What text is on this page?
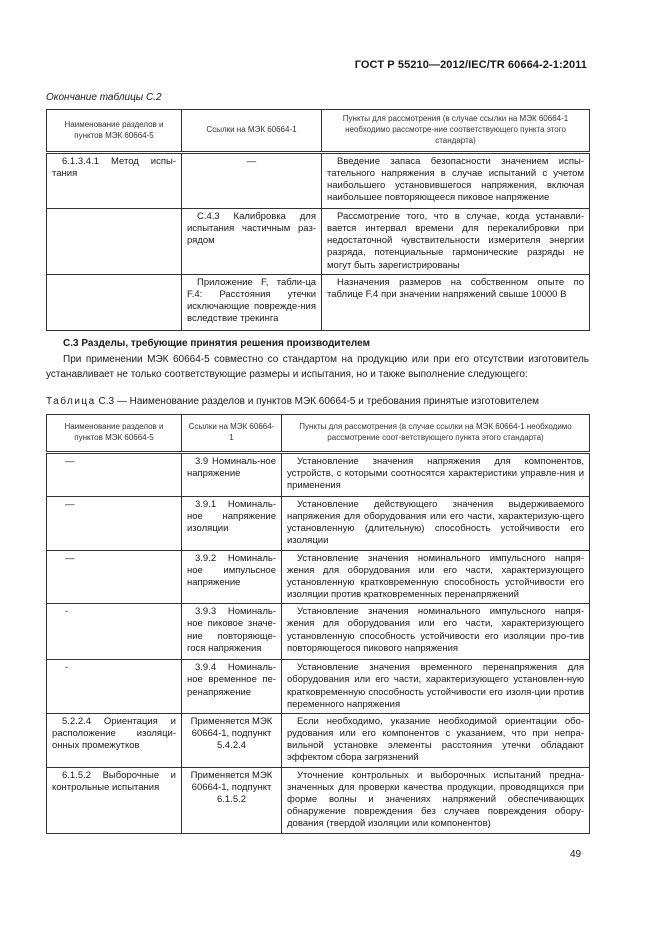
ГОСТ Р 55210—2012/IEC/TR 60664-2-1:2011
Окончание таблицы С.2
Наименование разделов и пунктов МЭК 60664-5	Ссылки на МЭК 60664-1	Пункты для рассмотрения (в случае ссылки на МЭК 60664-1 необходимо рассмотре-ние соответствующего пункта этого стандарта)
6.1.3.4.1 Метод испы-тания	—	Введение запаса безопасности значением испы-тательного напряжения в случае испытаний с учетом наибольшего установившегося напряжения, включая наибольшее повторяющееся пиковое напряжение
	С.4.3 Калибровка для испытания частичным раз-рядом	Рассмотрение того, что в случае, когда устанавли-вается интервал времени для перекалибровки при недостаточной чувствительности измерителя энергии разряда, потенциальные гармонические разряды не могут быть зарегистрированы
	Приложение F, табли-ца F.4: Расстояния утечки исключающие поврежде-ния вследствие трекинга	Назначения размеров на собственном опыте по таблице F.4 при значении напряжений свыше 10000 В
С.3 Разделы, требующие принятия решения производителем
При применении МЭК 60664-5 совместно со стандартом на продукцию или при его отсутствии изготовитель устанавливает не только соответствующие размеры и испытания, но и также выполнение следующего:
Таблица С.3 — Наименование разделов и пунктов МЭК 60664-5 и требования принятые изготовителем
Наименование разделов и пунктов МЭК 60664-5	Ссылки на МЭК 60664-1	Пункты для рассмотрения (в случае ссылки на МЭК 60664-1 необходимо рассмотрение соот-ветствующего пункта этого стандарта)
—	3.9 Номиналь-ное напряжение	Установление значения напряжения для компонентов, устройств, с которыми соотносятся характеристики управле-ния и применения
—	3.9.1 Номиналь-ное напряжение изоляции	Установление действующего значения выдерживаемого напряжения для оборудования или его части, характеризую-щего установленную (длительную) способность устойчивости его изоляции
—	3.9.2 Номиналь-ное импульсное напряжение	Установление значения номинального импульсного напря-жения для оборудования или его части, характеризующего установленную кратковременную способность устойчивости его изоляции против кратковременных перенапряжений
-	3.9.3 Номиналь-ное пиковое значе-ние повторяюще-гося напряжения	Установление значения номинального импульсного напря-жения для оборудования или его части, характеризующего установленную способность устойчивости его изоляции про-тив повторяющегося пикового напряжения
-	3.9.4 Номиналь-ное временное пе-ренапряжение	Установление значения временного перенапряжения для оборудования или его части, характеризующего установлен-ную кратковременную способность устойчивости его изоля-ции против переменного напряжения
5.2.2.4 Ориентация и расположение изоляци-онных промежутков	Применяется МЭК 60664-1, подпункт 5.4.2.4	Если необходимо, указание необходимой ориентации обо-рудования или его компонентов с указанием, что при непра-вильной установке элементы расстояния утечки обладают эффектом сбора загрязнений
6.1.5.2 Выборочные и контрольные испытания	Применяется МЭК 60664-1, подпункт 6.1.5.2	Уточнение контрольных и выборочных испытаний предна-значенных для проверки качества продукции, проводящихся при форме волны и значениях напряжений обеспечивающих обнаружение повреждения без случаев повреждения обору-дования (твердой изоляции или компонентов)
49
